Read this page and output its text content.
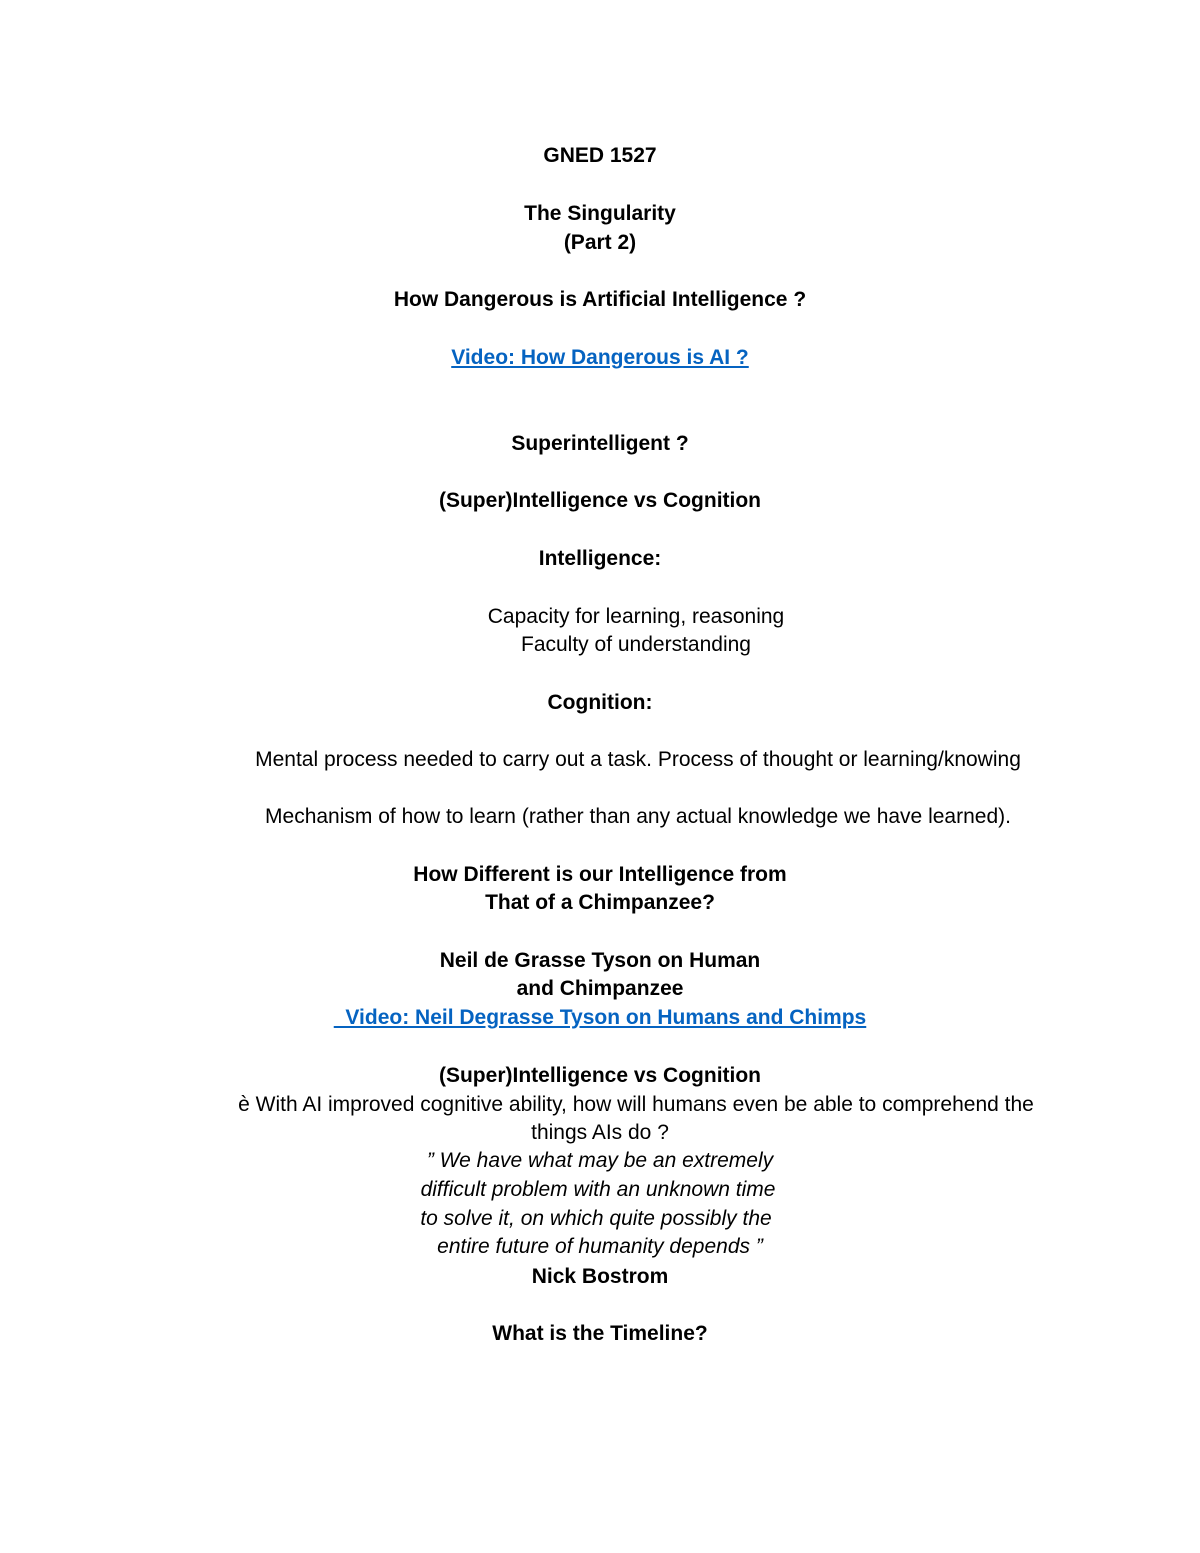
GNED 1527
The Singularity
(Part 2)
How Dangerous is Artificial Intelligence ?
Video: How Dangerous is AI ?
Superintelligent ?
(Super)Intelligence vs Cognition
Intelligence:
Capacity for learning, reasoning
Faculty of understanding
Cognition:
Mental process needed to carry out a task. Process of thought or learning/knowing
Mechanism of how to learn (rather than any actual knowledge we have learned).
How Different is our Intelligence from
That of a Chimpanzee?
Neil de Grasse Tyson on Human
and Chimpanzee
Video: Neil Degrasse Tyson on Humans and Chimps
(Super)Intelligence vs Cognition
è With AI improved cognitive ability, how will humans even be able to comprehend the
things AIs do ?
” We have what may be an extremely
difficult problem with an unknown time
to solve it, on which quite possibly the
entire future of humanity depends ”
Nick Bostrom
What is the Timeline?
